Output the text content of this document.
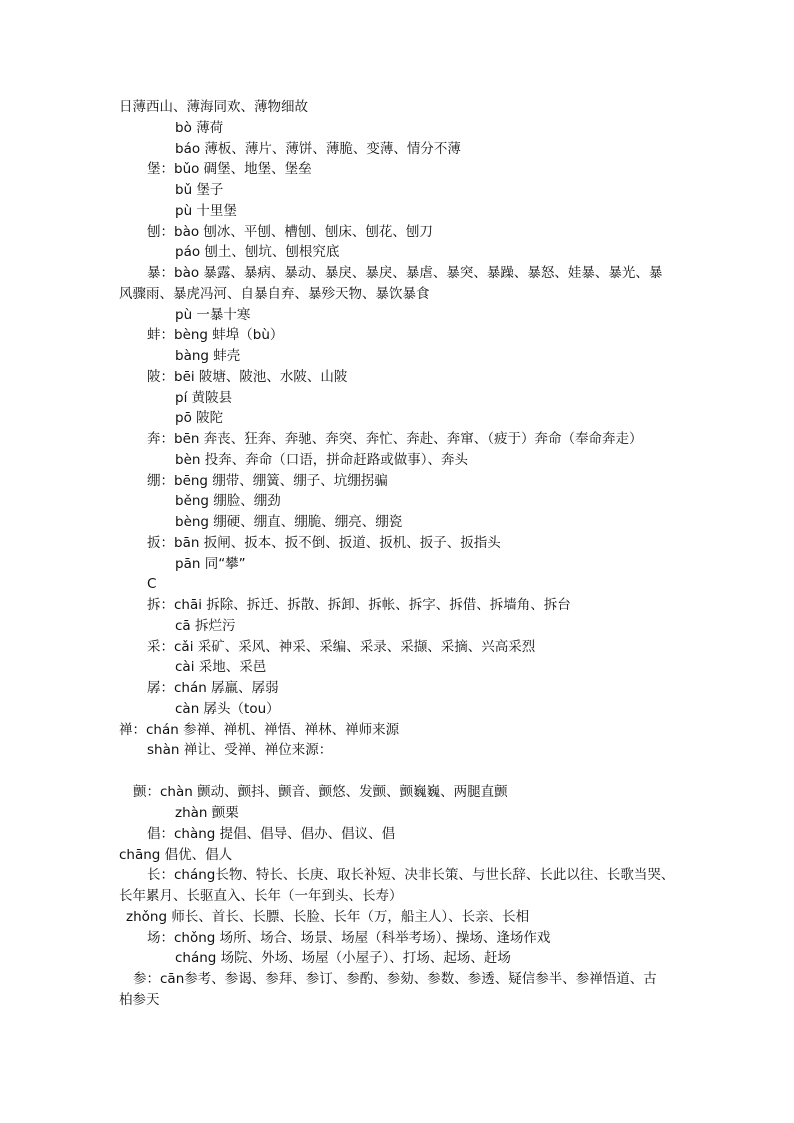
日薄西山、薄海同欢、薄物细故
bò 薄荷
báo 薄板、薄片、薄饼、薄脆、变薄、情分不薄
堡：bǔo 碉堡、地堡、堡垒
bǔ 堡子
pù 十里堡
刨：bào 刨冰、平刨、槽刨、刨床、刨花、刨刀
páo 刨土、刨坑、刨根究底
暴：bào 暴露、暴病、暴动、暴戾、暴戾、暴虐、暴突、暴躁、暴怒、娃暴、暴光、暴
风骤雨、暴虎冯河、自暴自弃、暴殄天物、暴饮暴食
pù 一暴十寒
蚌：bèng 蚌埠（bù）
bàng 蚌壳
陂：bēi 陂塘、陂池、水陂、山陂
pí 黄陂县
pō 陂陀
奔：bēn 奔丧、狂奔、奔驰、奔突、奔忙、奔赴、奔窜、（疲于）奔命（奉命奔走）
bèn 投奔、奔命（口语，拼命赶路或做事）、奔头
绷：bēng 绷带、绷簧、绷子、坑绷拐骗
běng 绷脸、绷劲
bèng 绷硬、绷直、绷脆、绷亮、绷瓷
扳：bān 扳闸、扳本、扳不倒、扳道、扳机、扳子、扳指头
pān 同“攀”
C
拆：chāi 拆除、拆迁、拆散、拆卸、拆帐、拆字、拆借、拆墙角、拆台
cā 拆烂污
采：cǎi 采矿、采风、神采、采编、采录、采撷、采摘、兴高采烈
cài 采地、采邑
孱：chán 孱羸、孱弱
càn 孱头（tou）
禅：chán 参禅、禅机、禅悟、禅林、禅师来源
shàn 禅让、受禅、禅位来源：
颤：chàn 颤动、颤抖、颤音、颤悠、发颤、颤巍巍、两腿直颤
zhàn 颤栗
倡：chàng 提倡、倡导、倡办、倡议、倡
chāng 倡优、倡人
长：cháng长物、特长、长庚、取长补短、决非长策、与世长辞、长此以往、长歌当哭、
长年累月、长驱直入、长年（一年到头、长寿）
zhǒng 师长、首长、长膘、长脸、长年（万，船主人）、长亲、长相
场：chǒng 场所、场合、场景、场屋（科举考场）、操场、逢场作戏
cháng 场院、外场、场屋（小屋子）、打场、起场、赶场
参：cān参考、参谒、参拜、参订、参酌、参劾、参数、参透、疑信参半、参禅悟道、古
柏参天
